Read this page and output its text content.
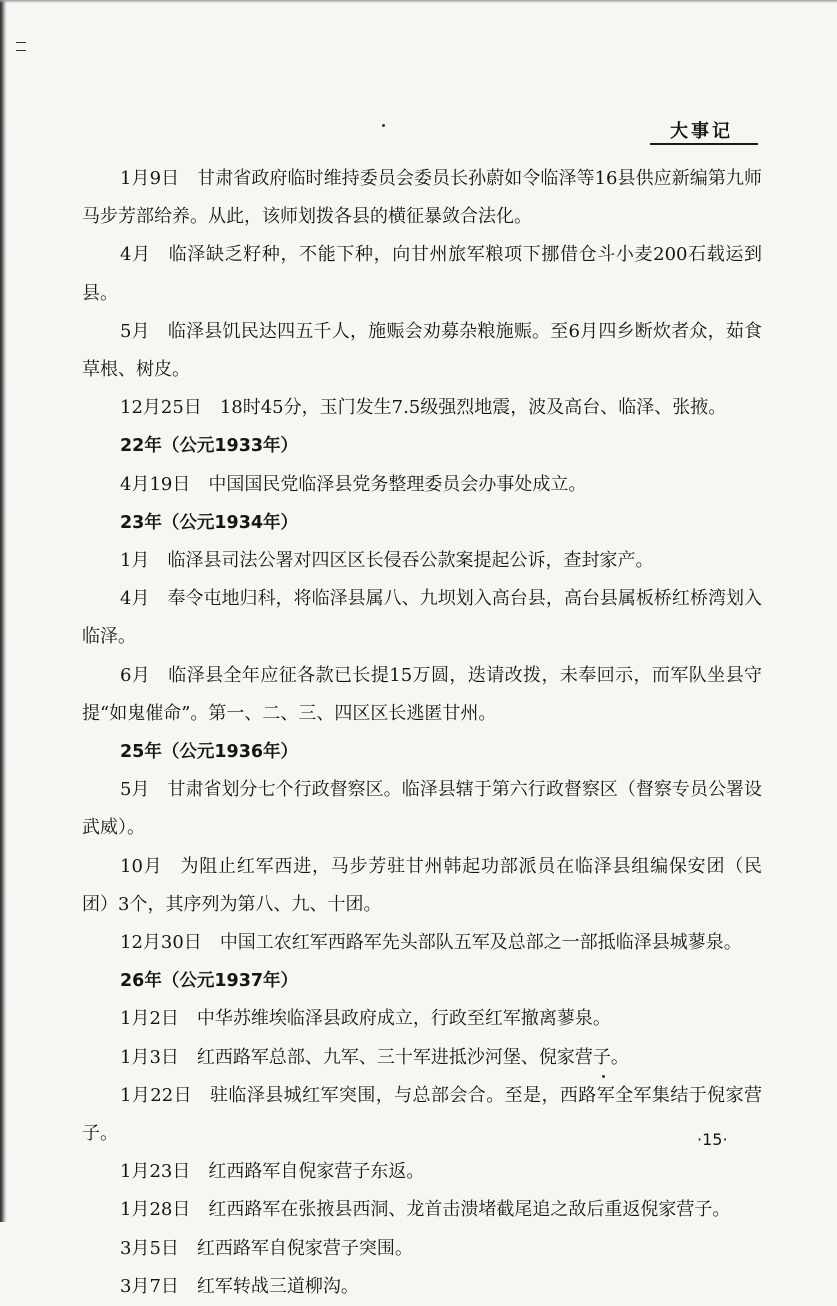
大事记

1月9日 甘肃省政府临时维持委员会委员长孙蔚如令临泽等16县供应新编第九师马步芳部给养。从此，该师划拨各县的横征暴敛合法化。

4月 临泽缺乏籽种，不能下种，向甘州旅军粮项下挪借仓斗小麦200石载运到县。

5月 临泽县饥民达四五千人，施赈会劝募杂粮施赈。至6月四乡断炊者众，茹食草根、树皮。

12月25日 18时45分，玉门发生7.5级强烈地震，波及高台、临泽、张掖。

22年（公元1933年）

4月19日 中国国民党临泽县党务整理委员会办事处成立。

23年（公元1934年）

1月 临泽县司法公署对四区区长侵吞公款案提起公诉，查封家产。

4月 奉令屯地归科，将临泽县属八、九坝划入高台县，高台县属板桥红桥湾划入临泽。

6月 临泽县全年应征各款已长提15万圆，迭请改拨，未奉回示，而军队坐县守提“如鬼催命”。第一、二、三、四区区长逃匿甘州。

25年（公元1936年）

5月 甘肃省划分七个行政督察区。临泽县辖于第六行政督察区（督察专员公署设武威）。

10月 为阻止红军西进，马步芳驻甘州韩起功部派员在临泽县组编保安团（民团）3个，其序列为第八、九、十团。

12月30日 中国工农红军西路军先头部队五军及总部之一部抵临泽县城蓼泉。

26年（公元1937年）

1月2日 中华苏维埃临泽县政府成立，行政至红军撤离蓼泉。

1月3日 红西路军总部、九军、三十军进抵沙河堡、倪家营子。

1月22日 驻临泽县城红军突围，与总部会合。至是，西路军全军集结于倪家营子。

1月23日 红西路军自倪家营子东返。

1月28日 红西路军在张掖县西洞、龙首击溃堵截尾追之敌后重返倪家营子。

3月5日 红西路军自倪家营子突围。

3月7日 红军转战三道柳沟。

·15·
